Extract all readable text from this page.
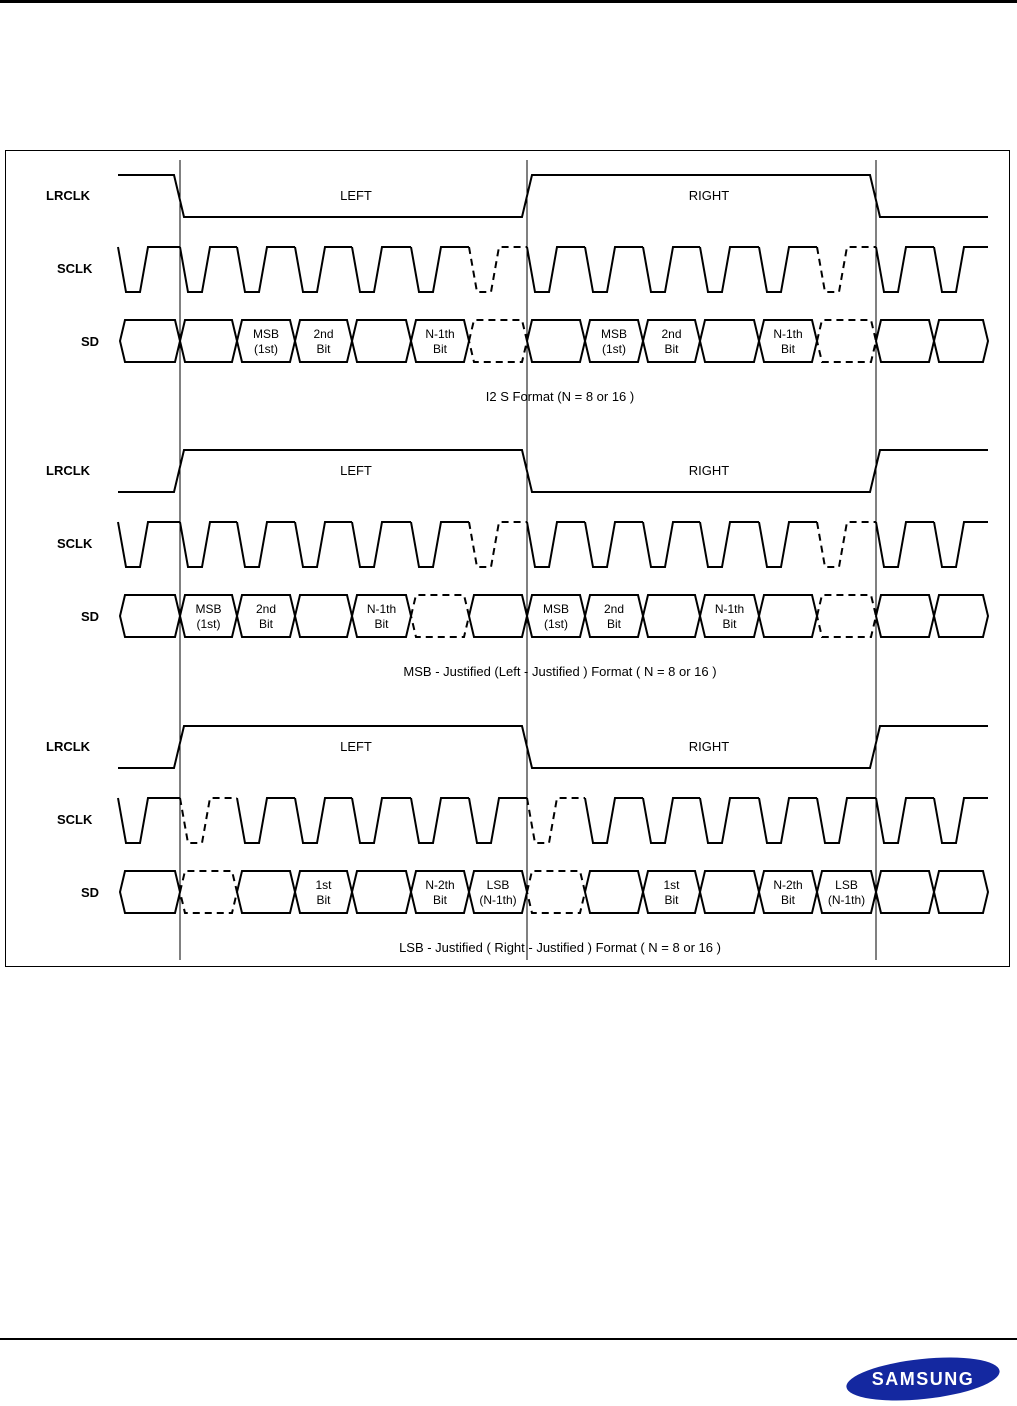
LRCLK
SCLK
SD
LEFT	RIGHT
MSB (1st)
2nd Bit
N-1th Bit
MSB (1st)
2nd Bit
N-1th Bit
I2 S Format (N = 8 or 16 )
LRCLK
SCLK
SD
LEFT	RIGHT
MSB (1st)
2nd Bit
N-1th Bit
MSB (1st)
2nd Bit
N-1th Bit
MSB - Justified (Left - Justified ) Format ( N = 8 or 16 )
LRCLK
SCLK
SD
LEFT	RIGHT
1st Bit
N-2th Bit
LSB (N-1th)
1st Bit
N-2th Bit
LSB (N-1th)
LSB - Justified ( Right - Justified ) Format ( N = 8 or 16 )
SAMSUNG
